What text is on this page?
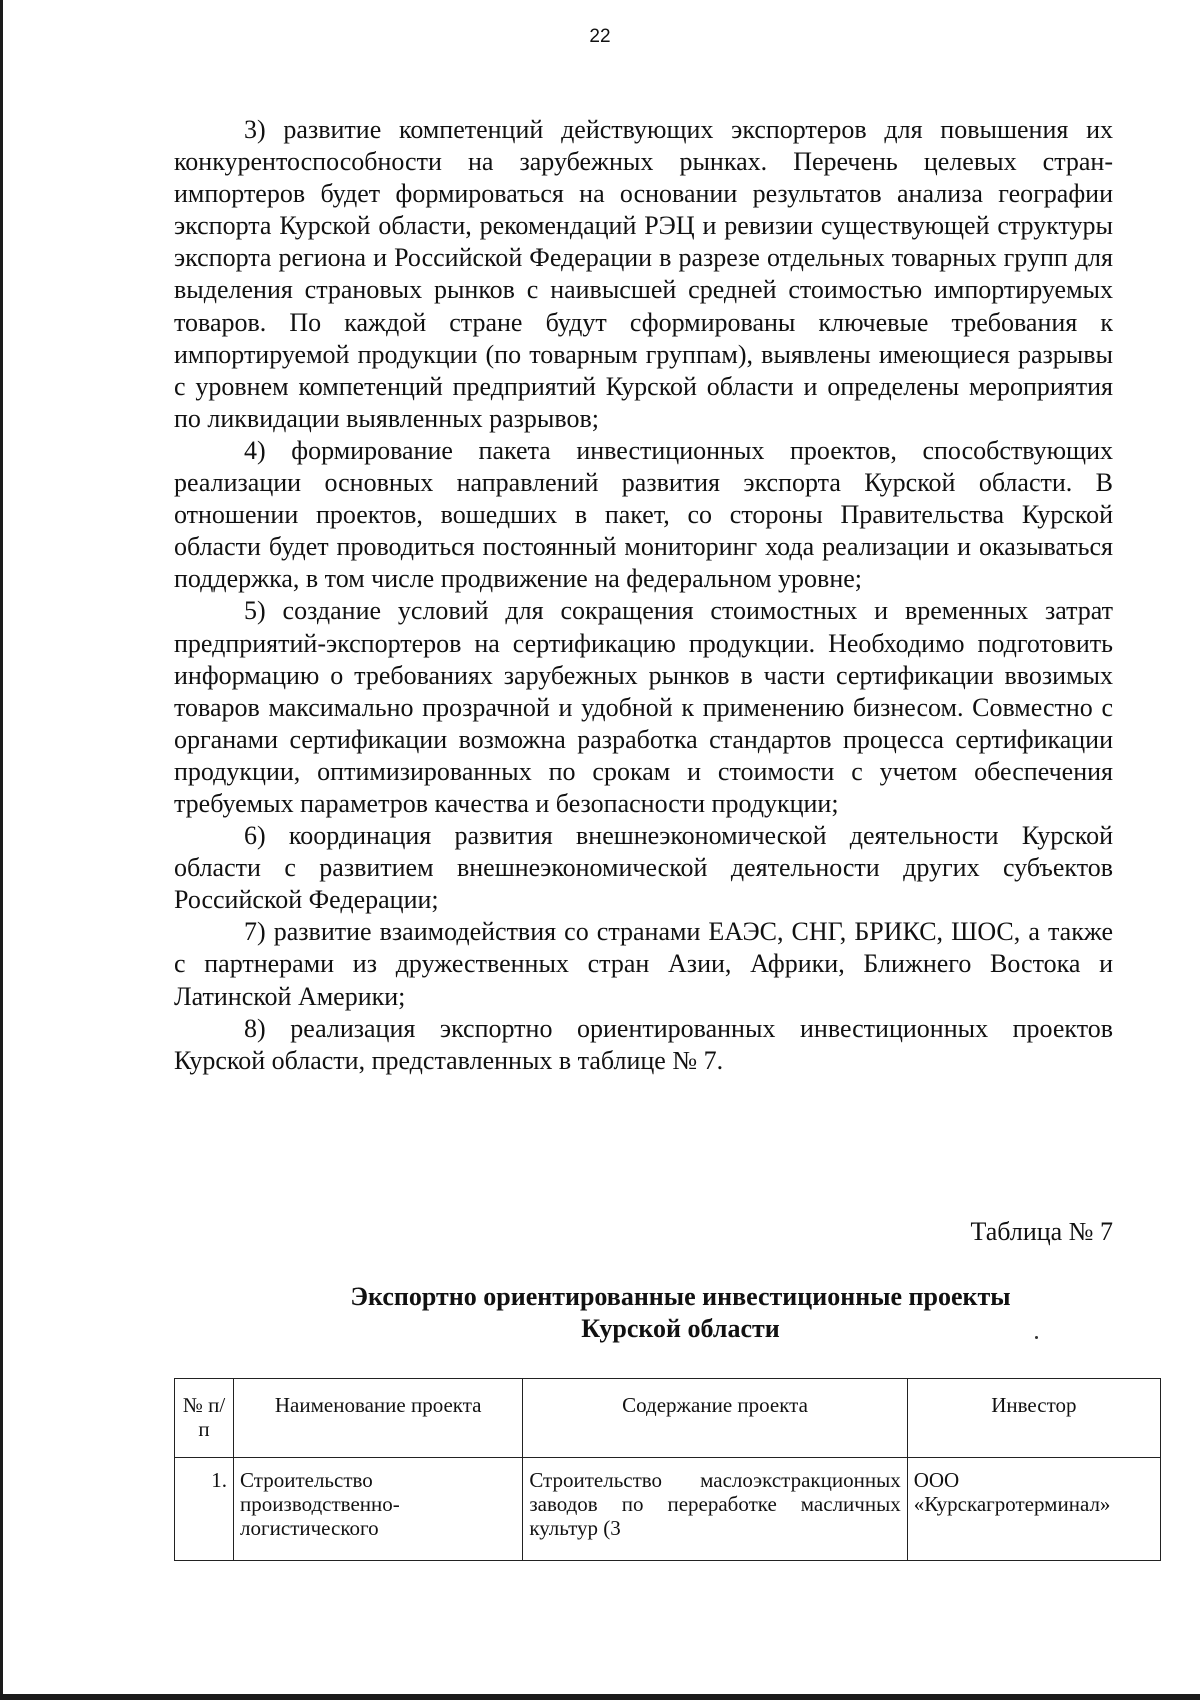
22

3) развитие компетенций действующих экспортеров для повышения их конкурентоспособности на зарубежных рынках. Перечень целевых стран-импортеров будет формироваться на основании результатов анализа географии экспорта Курской области, рекомендаций РЭЦ и ревизии существующей структуры экспорта региона и Российской Федерации в разрезе отдельных товарных групп для выделения страновых рынков с наивысшей средней стоимостью импортируемых товаров. По каждой стране будут сформированы ключевые требования к импортируемой продукции (по товарным группам), выявлены имеющиеся разрывы с уровнем компетенций предприятий Курской области и определены мероприятия по ликвидации выявленных разрывов;

4) формирование пакета инвестиционных проектов, способствующих реализации основных направлений развития экспорта Курской области. В отношении проектов, вошедших в пакет, со стороны Правительства Курской области будет проводиться постоянный мониторинг хода реализации и оказываться поддержка, в том числе продвижение на федеральном уровне;

5) создание условий для сокращения стоимостных и временных затрат предприятий-экспортеров на сертификацию продукции. Необходимо подготовить информацию о требованиях зарубежных рынков в части сертификации ввозимых товаров максимально прозрачной и удобной к применению бизнесом. Совместно с органами сертификации возможна разработка стандартов процесса сертификации продукции, оптимизированных по срокам и стоимости с учетом обеспечения требуемых параметров качества и безопасности продукции;

6) координация развития внешнеэкономической деятельности Курской области с развитием внешнеэкономической деятельности других субъектов Российской Федерации;

7) развитие взаимодействия со странами ЕАЭС, СНГ, БРИКС, ШОС, а также с партнерами из дружественных стран Азии, Африки, Ближнего Востока и Латинской Америки;

8) реализация экспортно ориентированных инвестиционных проектов Курской области, представленных в таблице № 7.

Таблица № 7
Экспортно ориентированные инвестиционные проекты
Курской области
№ п/п	Наименование проекта	Содержание проекта	Инвестор
1.	Строительство производственно-логистического	Строительство маслоэкстракционных заводов по переработке масличных культур (3	ООО «Курскагротерминал»
